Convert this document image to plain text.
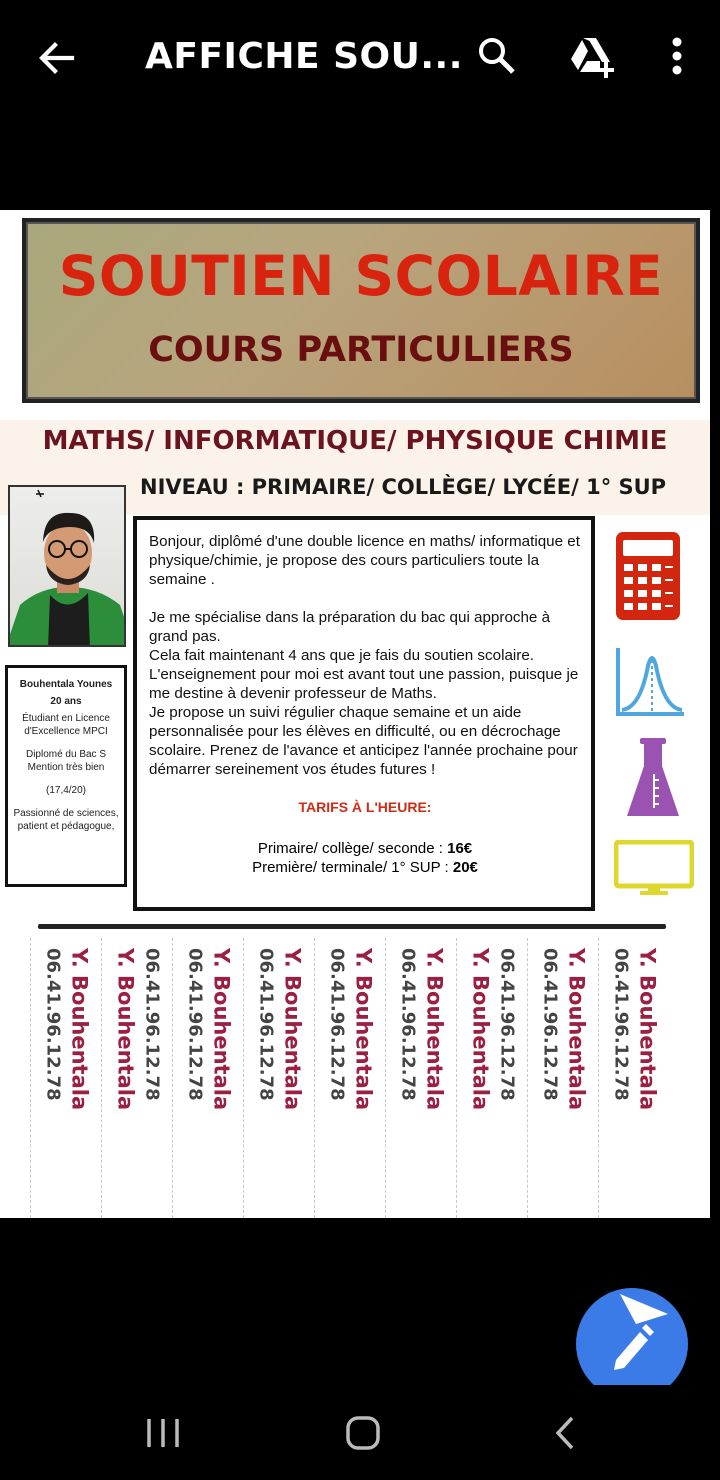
AFFICHE SOU...
SOUTIEN SCOLAIRE
COURS PARTICULIERS
MATHS/ INFORMATIQUE/ PHYSIQUE CHIMIE
NIVEAU : PRIMAIRE/ COLLÈGE/ LYCÉE/ 1° SUP
Bouhentala Younes
20 ans
Étudiant en Licence d'Excellence MPCI
Diplomé du Bac S Mention très bien
(17,4/20)
Passionné de sciences, patient et pédagogue,

Bonjour, diplômé d'une double licence en maths/ informatique et physique/chimie, je propose des cours particuliers toute la semaine .

Je me spécialise dans la préparation du bac qui approche à grand pas.

Cela fait maintenant 4 ans que je fais du soutien scolaire. L'enseignement pour moi est avant tout une passion, puisque je me destine à devenir professeur de Maths.

Je propose un suivi régulier chaque semaine et un aide personnalisée pour les élèves en difficulté, ou en décrochage scolaire. Prenez de l'avance et anticipez l'année prochaine pour démarrer sereinement vos études futures !

TARIFS À L'HEURE:
Primaire/ collège/ seconde : 16€
Première/ terminale/ 1° SUP : 20€
06.41.96.12.78 Y. Bouhentala Y. Bouhentala 06.41.96.12.78 06.41.96.12.78 Y. Bouhentala 06.41.96.12.78 Y. Bouhentala 06.41.96.12.78 Y. Bouhentala 06.41.96.12.78 Y. Bouhentala Y. Bouhentala 06.41.96.12.78 06.41.96.12.78 Y. Bouhentala 06.41.96.12.78 Y. Bouhentala
